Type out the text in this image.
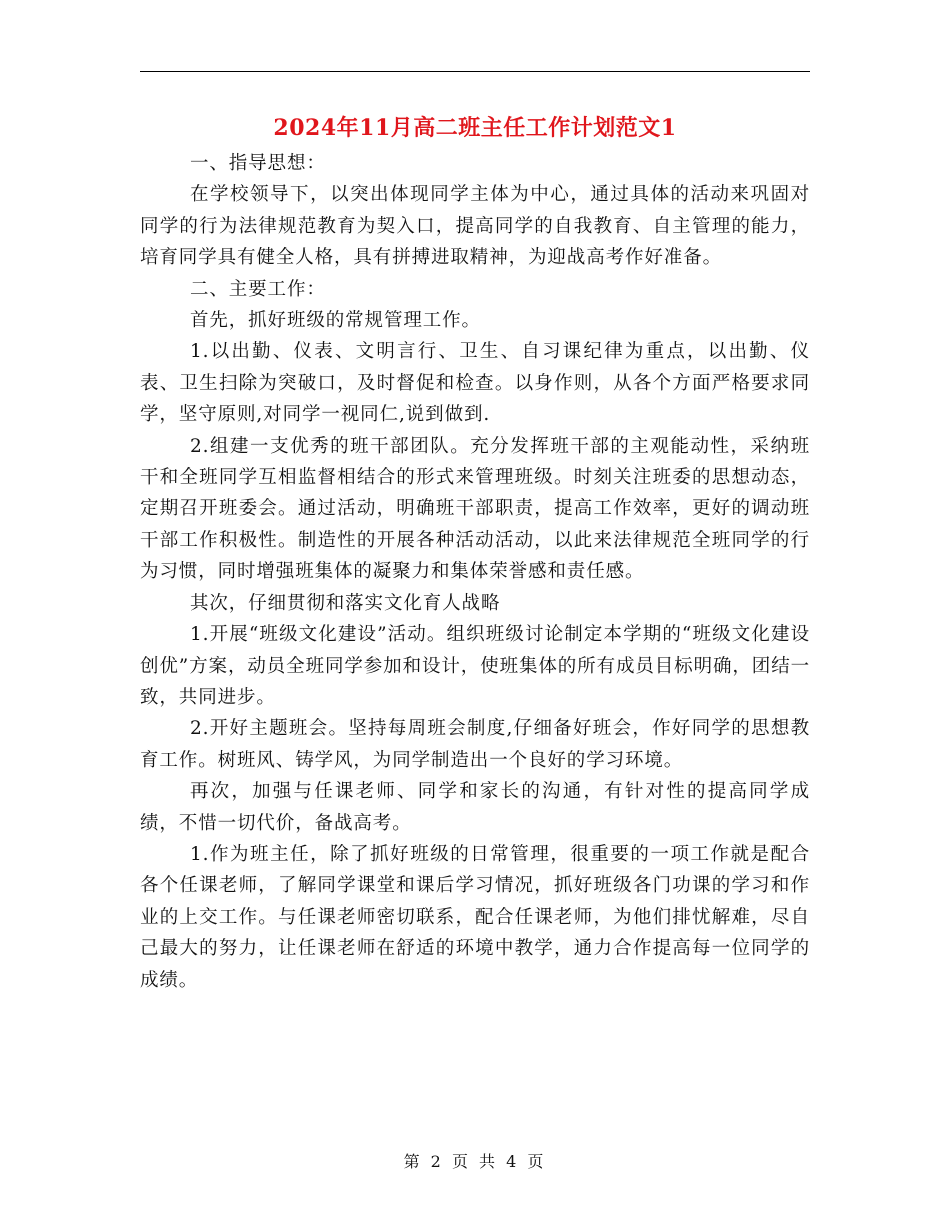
2024年11月高二班主任工作计划范文1

一、指导思想：

在学校领导下，以突出体现同学主体为中心，通过具体的活动来巩固对同学的行为法律规范教育为契入口，提高同学的自我教育、自主管理的能力，培育同学具有健全人格，具有拼搏进取精神，为迎战高考作好准备。

二、主要工作：

首先，抓好班级的常规管理工作。

1.以出勤、仪表、文明言行、卫生、自习课纪律为重点，以出勤、仪表、卫生扫除为突破口，及时督促和检查。以身作则，从各个方面严格要求同学，坚守原则,对同学一视同仁,说到做到.

2.组建一支优秀的班干部团队。充分发挥班干部的主观能动性，采纳班干和全班同学互相监督相结合的形式来管理班级。时刻关注班委的思想动态，定期召开班委会。通过活动，明确班干部职责，提高工作效率，更好的调动班干部工作积极性。制造性的开展各种活动活动，以此来法律规范全班同学的行为习惯，同时增强班集体的凝聚力和集体荣誉感和责任感。

其次，仔细贯彻和落实文化育人战略

1.开展“班级文化建设”活动。组织班级讨论制定本学期的“班级文化建设创优”方案，动员全班同学参加和设计，使班集体的所有成员目标明确，团结一致，共同进步。

2.开好主题班会。坚持每周班会制度,仔细备好班会，作好同学的思想教育工作。树班风、铸学风，为同学制造出一个良好的学习环境。

再次，加强与任课老师、同学和家长的沟通，有针对性的提高同学成绩，不惜一切代价，备战高考。

1.作为班主任，除了抓好班级的日常管理，很重要的一项工作就是配合各个任课老师，了解同学课堂和课后学习情况，抓好班级各门功课的学习和作业的上交工作。与任课老师密切联系，配合任课老师，为他们排忧解难，尽自己最大的努力，让任课老师在舒适的环境中教学，通力合作提高每一位同学的成绩。

第 2 页 共 4 页
